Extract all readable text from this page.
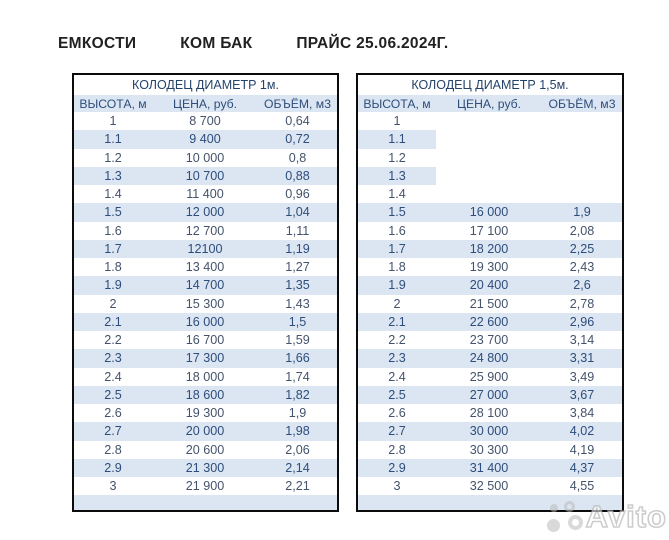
ЕМКОСТИ	КОМ БАК	ПРАЙС 25.06.2024Г.
КОЛОДЕЦ ДИАМЕТР 1м.
ВЫСОТА, м	ЦЕНА, руб.	ОБЪЁМ, м3
1	8 700	0,64
1.1	9 400	0,72
1.2	10 000	0,8
1.3	10 700	0,88
1.4	11 400	0,96
1.5	12 000	1,04
1.6	12 700	1,11
1.7	12100	1,19
1.8	13 400	1,27
1.9	14 700	1,35
2	15 300	1,43
2.1	16 000	1,5
2.2	16 700	1,59
2.3	17 300	1,66
2.4	18 000	1,74
2.5	18 600	1,82
2.6	19 300	1,9
2.7	20 000	1,98
2.8	20 600	2,06
2.9	21 300	2,14
3	21 900	2,21
КОЛОДЕЦ ДИАМЕТР 1,5м.
ВЫСОТА, м	ЦЕНА, руб.	ОБЪЁМ, м3
1
1.1
1.2
1.3
1.4
1.5	16 000	1,9
1.6	17 100	2,08
1.7	18 200	2,25
1.8	19 300	2,43
1.9	20 400	2,6
2	21 500	2,78
2.1	22 600	2,96
2.2	23 700	3,14
2.3	24 800	3,31
2.4	25 900	3,49
2.5	27 000	3,67
2.6	28 100	3,84
2.7	30 000	4,02
2.8	30 300	4,19
2.9	31 400	4,37
3	32 500	4,55
Avito
